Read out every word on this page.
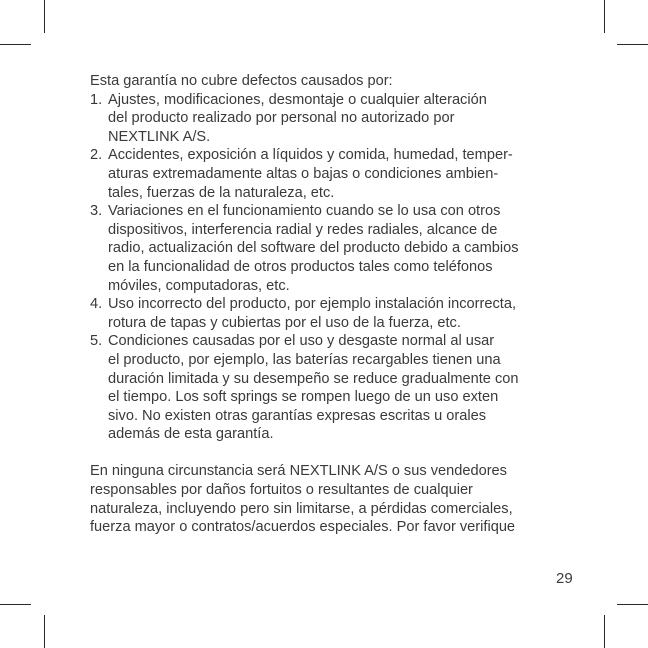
Esta garantía no cubre defectos causados por:

1. Ajustes, modificaciones, desmontaje o cualquier alteración
del producto realizado por personal no autorizado por
NEXTLINK A/S.
2. Accidentes, exposición a líquidos y comida, humedad, temper-
aturas extremadamente altas o bajas o condiciones ambien-
tales, fuerzas de la naturaleza, etc.
3. Variaciones en el funcionamiento cuando se lo usa con otros
dispositivos, interferencia radial y redes radiales, alcance de
radio, actualización del software del producto debido a cambios
en la funcionalidad de otros productos tales como teléfonos
móviles, computadoras, etc.
4. Uso incorrecto del producto, por ejemplo instalación incorrecta,
rotura de tapas y cubiertas por el uso de la fuerza, etc.
5. Condiciones causadas por el uso y desgaste normal al usar
el producto, por ejemplo, las baterías recargables tienen una
duración limitada y su desempeño se reduce gradualmente con
el tiempo. Los soft springs se rompen luego de un uso exten
sivo. No existen otras garantías expresas escritas u orales
además de esta garantía.
En ninguna circunstancia será NEXTLINK A/S o sus vendedores
responsables por daños fortuitos o resultantes de cualquier
naturaleza, incluyendo pero sin limitarse, a pérdidas comerciales,
fuerza mayor o contratos/acuerdos especiales. Por favor verifique
29
